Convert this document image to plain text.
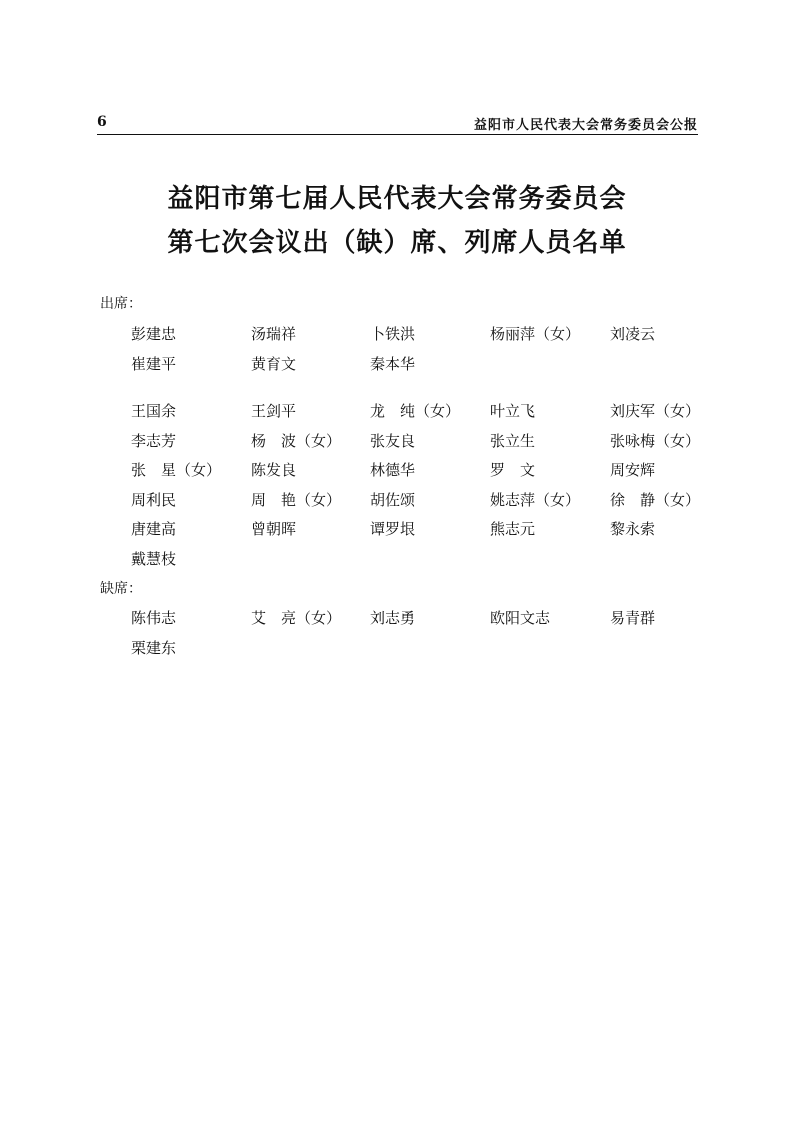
6	益阳市人民代表大会常务委员会公报
益阳市第七届人民代表大会常务委员会
第七次会议出（缺）席、列席人员名单
出席：
彭建忠	汤瑞祥	卜铁洪	杨丽萍（女） 刘凌云
崔建平	黄育文	秦本华
王国余	王剑平	龙　纯（女） 叶立飞	刘庆军（女）
李志芳	杨　波（女） 张友良	张立生	张咏梅（女）
张　星（女） 陈发良	林德华	罗　文	周安辉
周利民	周　艳（女） 胡佐颂	姚志萍（女） 徐　静（女）
唐建高	曾朝晖	谭罗垠	熊志元	黎永索
戴慧枝
缺席：
陈伟志	艾　亮（女） 刘志勇	欧阳文志	易青群
栗建东
